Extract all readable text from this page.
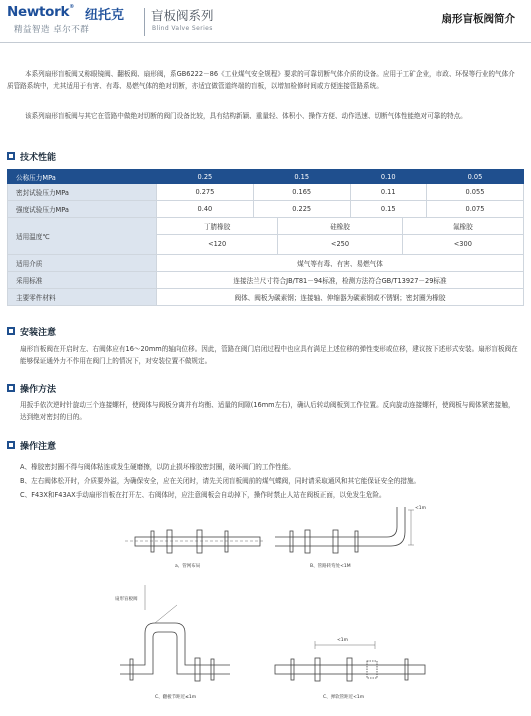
Newtork®
纽托克
精益智造 卓尔不群
盲板阀系列
Blind Valve Series
扇形盲板阀简介
本系列扇形盲板阀又称眼镜阀、翻板阀、扇形阀，系GB6222－86《工业煤气安全规程》要求的可靠切断气体介质的设备。应用于工矿企业，市政、环保等行业的气体介质管路系统中，尤其适用于有害、有毒、易燃气体的绝对切断，亦适宜做管道终端的盲板，以增加检修时间或方便连接管路系统。
该系列扇形盲板阀与其它在管路中做绝对切断的阀门设备比较，具有结构新颖、重量轻、体积小、操作方便、动作迅速、切断气体性能绝对可靠的特点。
技术性能
公称压力MPa	0.25	0.15	0.10	0.05
密封试验压力MPa	0.275	0.165	0.11	0.055
强度试验压力MPa	0.40	0.225	0.15	0.075
适用温度℃	
丁腈橡胶	硅橡胶	氟橡胶
<120	<250	<300

适用介质	煤气等有毒、有害、易燃气体
采用标准	连接法兰尺寸符合JB/T81－94标准，检测方法符合GB/T13927－29标准
主要零件材料	阀体、阀板为碳素钢；连接轴、伸缩器为碳素钢或不锈钢；密封圈为橡胶
安装注意
扇形盲板阀在开启时左、右阀体应有16～20mm的轴向位移。因此，管路在阀门启闭过程中也应具有满足上述位移的弹性变形或位移，建议按下述形式安装。扇形盲板阀在能够保证通外力不作用在阀门上的情况下，对安装位置不做规定。
操作方法
用扳手依次逆时针旋动三个连接螺杆，使阀体与阀板分离并有均衡、适量的间隙(16mm左右)，确认后转动阀板到工作位置。反向旋动连接螺杆，使阀板与阀体紧密接触，达到绝对密封的目的。
操作注意
A、橡胶密封圈不得与阀体粘连或发生硬磨擦，以防止损坏橡胶密封圈，破坏阀门的工作性能。
B、左右阀体松开时，介质要外溢，为确保安全，应在关闭时，请先关闭盲板阀前的煤气蝶阀，同时请采取通风和其它能保证安全的措施。
C、F43X和F43AX手动扇形盲板在打开左、右阀体时，应注意阀板会自动掉下，操作时禁止人站在阀板正面，以免发生危险。
a、管网布局	B、管路转弯处<1M
C、翻板节距近≤1m	C、弹软管距近<1m
扇形盲板阀
<1m
<1m
